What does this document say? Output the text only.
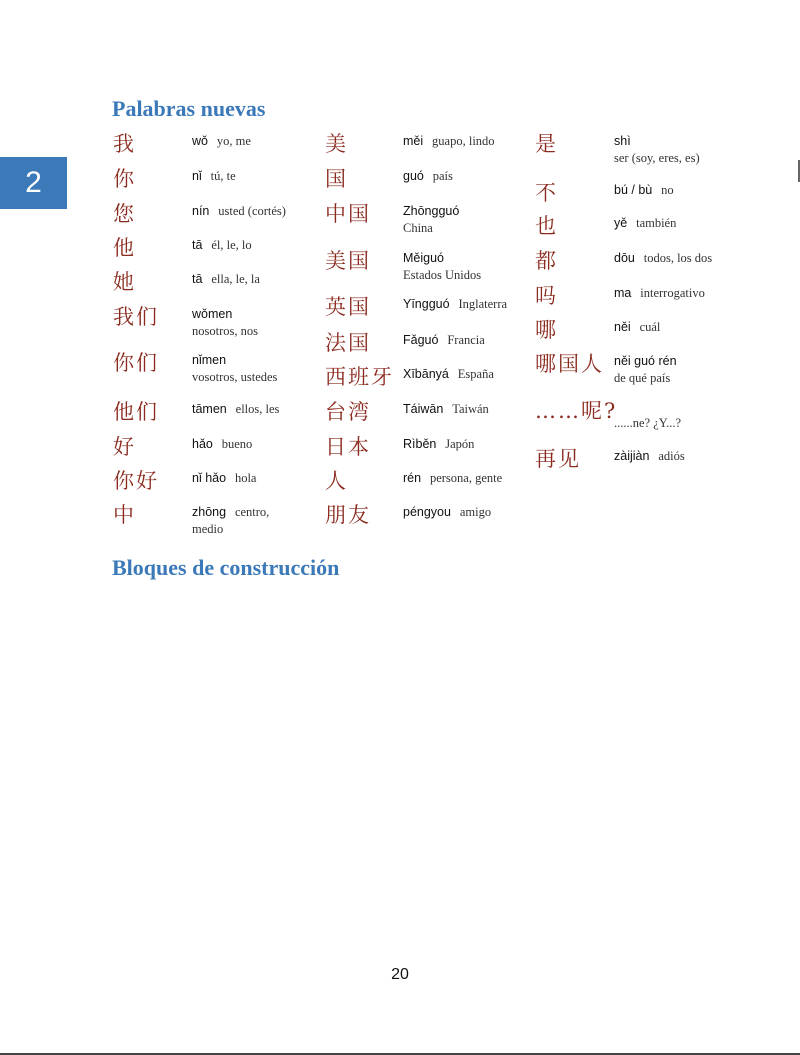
2
Palabras nuevas
我	wǒ yo, me
你	nǐ tú, te
您	nín usted (cortés)
他	tā él, le, lo
她	tā ella, le, la
我们	wǒmen
nosotros, nos
你们	nǐmen
vosotros, ustedes
他们	tāmen ellos, les
好	hǎo bueno
你好	nǐ hǎo hola
中	zhōng centro,
medio
美	měi guapo, lindo
国	guó país
中国	Zhōngguó
China
美国	Měiguó
Estados Unidos
英国	Yīngguó Inglaterra
法国	Fǎguó Francia
西班牙 Xībānyá España
台湾	Táiwān Taiwán
日本	Rìběn Japón
人	rén persona, gente
朋友	péngyou amigo
是	shì
ser (soy, eres, es)
不	bú / bù no
也	yě también
都	dōu todos, los dos
吗	ma interrogativo
哪	něi cuál
哪国人 něi guó rén
de qué país
……呢?
......ne? ¿Y...?
再见	zàijiàn adiós
Bloques de construcción
20
